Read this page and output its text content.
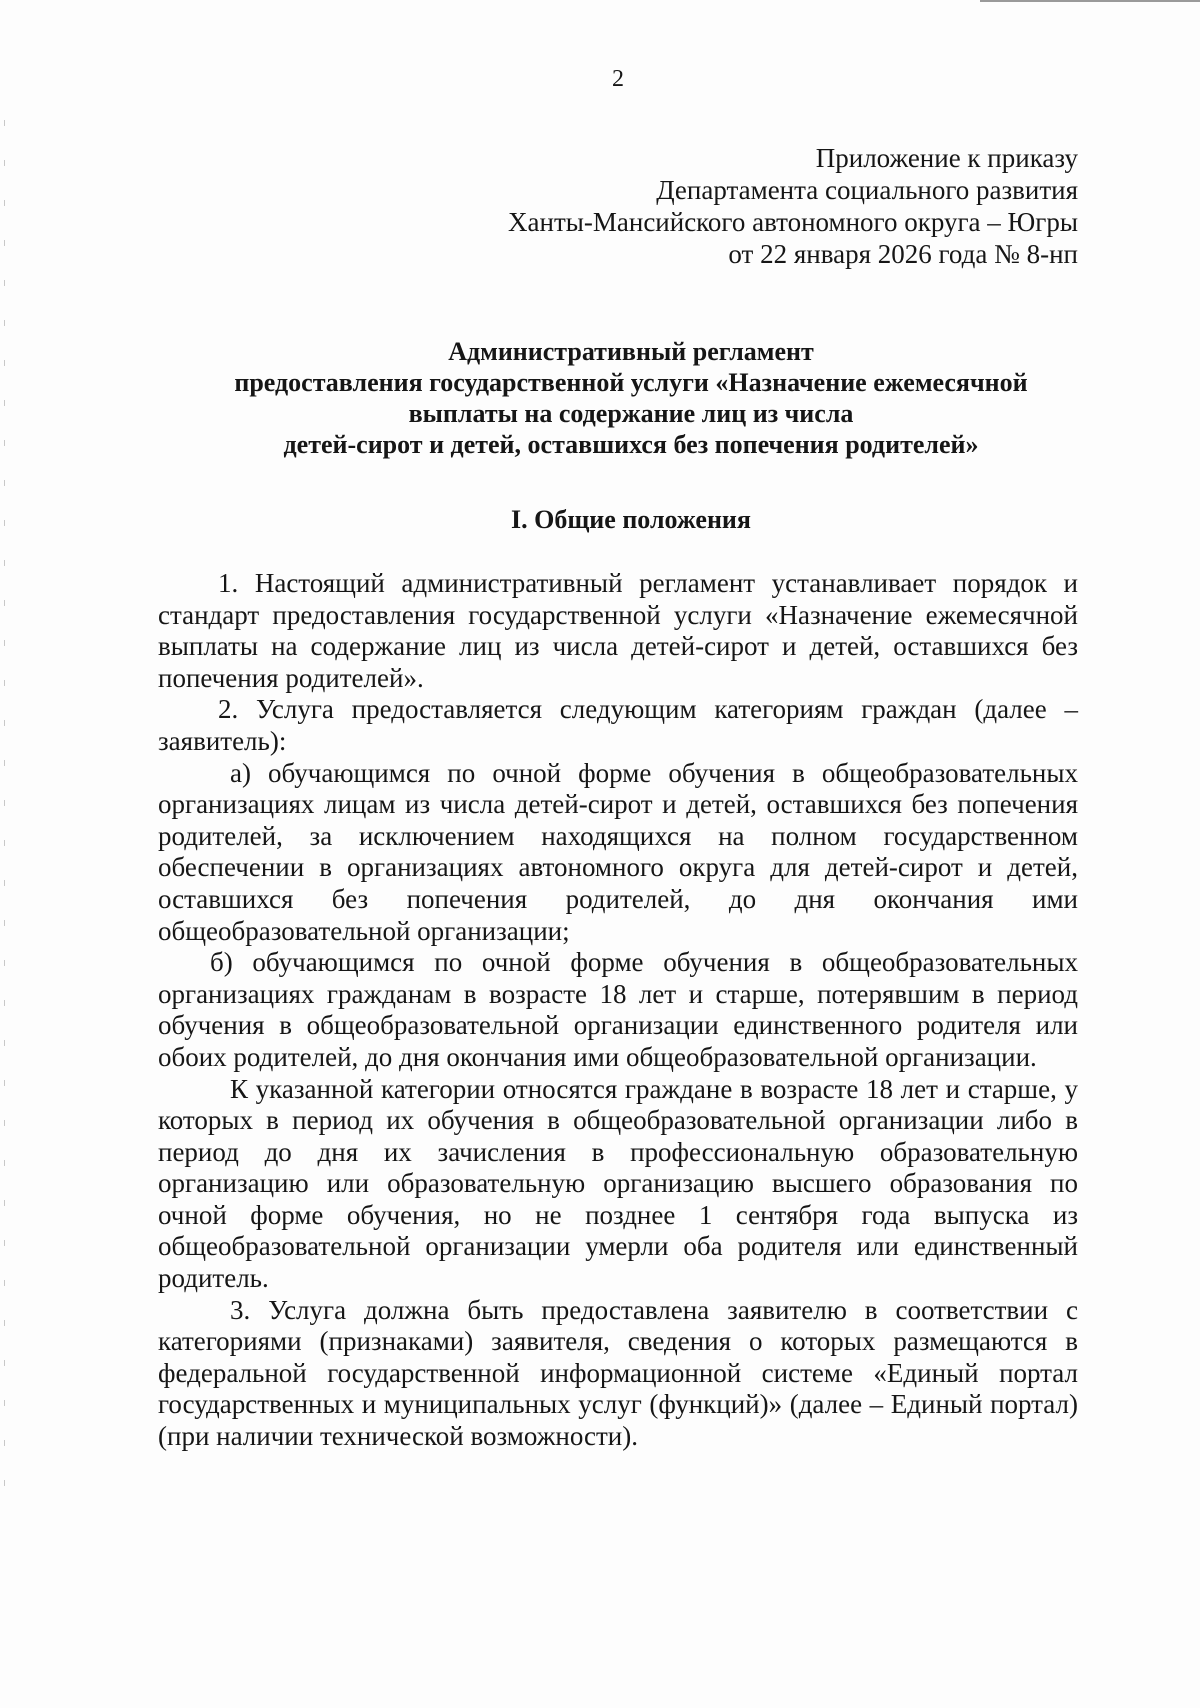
2
Приложение к приказу
Департамента социального развития
Ханты-Мансийского автономного округа – Югры
от 22 января 2026 года № 8-нп
Административный регламент
предоставления государственной услуги «Назначение ежемесячной
выплаты на содержание лиц из числа
детей-сирот и детей, оставшихся без попечения родителей»
I. Общие положения

1. Настоящий административный регламент устанавливает порядок и стандарт предоставления государственной услуги «Назначение ежемесячной выплаты на содержание лиц из числа детей-сирот и детей, оставшихся без попечения родителей».

2. Услуга предоставляется следующим категориям граждан (далее – заявитель):

а) обучающимся по очной форме обучения в общеобразовательных организациях лицам из числа детей-сирот и детей, оставшихся без попечения родителей, за исключением находящихся на полном государственном обеспечении в организациях автономного округа для детей-сирот и детей, оставшихся без попечения родителей, до дня окончания ими общеобразовательной организации;

б) обучающимся по очной форме обучения в общеобразовательных организациях гражданам в возрасте 18 лет и старше, потерявшим в период обучения в общеобразовательной организации единственного родителя или обоих родителей, до дня окончания ими общеобразовательной организации.

К указанной категории относятся граждане в возрасте 18 лет и старше, у которых в период их обучения в общеобразовательной организации либо в период до дня их зачисления в профессиональную образовательную организацию или образовательную организацию высшего образования по очной форме обучения, но не позднее 1 сентября года выпуска из общеобразовательной организации умерли оба родителя или единственный родитель.

3. Услуга должна быть предоставлена заявителю в соответствии с категориями (признаками) заявителя, сведения о которых размещаются в федеральной государственной информационной системе «Единый портал государственных и муниципальных услуг (функций)» (далее – Единый портал) (при наличии технической возможности).
